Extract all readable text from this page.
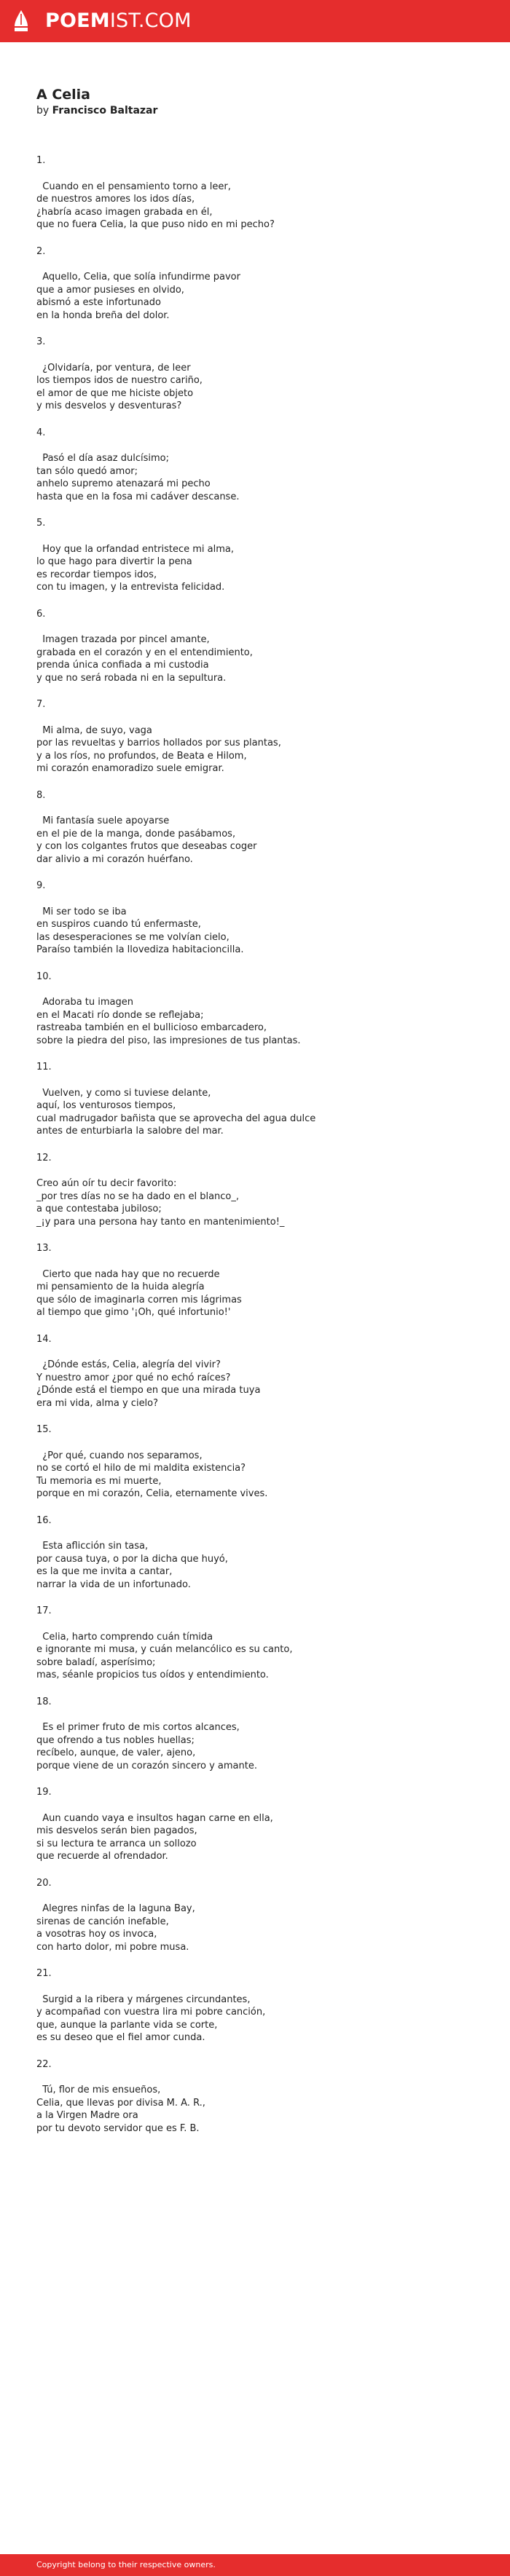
POEMIST.COM
A Celia
by Francisco Baltazar
1.
Cuando en el pensamiento torno a leer,
de nuestros amores los idos días,
¿habría acaso imagen grabada en él,
que no fuera Celia, la que puso nido en mi pecho?
2.
Aquello, Celia, que solía infundirme pavor
que a amor pusieses en olvido,
abismó a este infortunado
en la honda breña del dolor.
3.
¿Olvidaría, por ventura, de leer
los tiempos idos de nuestro cariño,
el amor de que me hiciste objeto
y mis desvelos y desventuras?
4.
Pasó el día asaz dulcísimo;
tan sólo quedó amor;
anhelo supremo atenazará mi pecho
hasta que en la fosa mi cadáver descanse.
5.
Hoy que la orfandad entristece mi alma,
lo que hago para divertir la pena
es recordar tiempos idos,
con tu imagen, y la entrevista felicidad.
6.
Imagen trazada por pincel amante,
grabada en el corazón y en el entendimiento,
prenda única confiada a mi custodia
y que no será robada ni en la sepultura.
7.
Mi alma, de suyo, vaga
por las revueltas y barrios hollados por sus plantas,
y a los ríos, no profundos, de Beata e Hilom,
mi corazón enamoradizo suele emigrar.
8.
Mi fantasía suele apoyarse
en el pie de la manga, donde pasábamos,
y con los colgantes frutos que deseabas coger
dar alivio a mi corazón huérfano.
9.
Mi ser todo se iba
en suspiros cuando tú enfermaste,
las desesperaciones se me volvían cielo,
Paraíso también la llovediza habitacioncilla.
10.
Adoraba tu imagen
en el Macati río donde se reflejaba;
rastreaba también en el bullicioso embarcadero,
sobre la piedra del piso, las impresiones de tus plantas.
11.
Vuelven, y como si tuviese delante,
aquí, los venturosos tiempos,
cual madrugador bañista que se aprovecha del agua dulce
antes de enturbiarla la salobre del mar.
12.
Creo aún oír tu decir favorito:
_por tres días no se ha dado en el blanco_,
a que contestaba jubiloso;
_¡y para una persona hay tanto en mantenimiento!_
13.
Cierto que nada hay que no recuerde
mi pensamiento de la huida alegría
que sólo de imaginarla corren mis lágrimas
al tiempo que gimo '¡Oh, qué infortunio!'
14.
¿Dónde estás, Celia, alegría del vivir?
Y nuestro amor ¿por qué no echó raíces?
¿Dónde está el tiempo en que una mirada tuya
era mi vida, alma y cielo?
15.
¿Por qué, cuando nos separamos,
no se cortó el hilo de mi maldita existencia?
Tu memoria es mi muerte,
porque en mi corazón, Celia, eternamente vives.
16.
Esta aflicción sin tasa,
por causa tuya, o por la dicha que huyó,
es la que me invita a cantar,
narrar la vida de un infortunado.
17.
Celia, harto comprendo cuán tímida
e ignorante mi musa, y cuán melancólico es su canto,
sobre baladí, asperísimo;
mas, séanle propicios tus oídos y entendimiento.
18.
Es el primer fruto de mis cortos alcances,
que ofrendo a tus nobles huellas;
recíbelo, aunque, de valer, ajeno,
porque viene de un corazón sincero y amante.
19.
Aun cuando vaya e insultos hagan carne en ella,
mis desvelos serán bien pagados,
si su lectura te arranca un sollozo
que recuerde al ofrendador.
20.
Alegres ninfas de la laguna Bay,
sirenas de canción inefable,
a vosotras hoy os invoca,
con harto dolor, mi pobre musa.
21.
Surgid a la ribera y márgenes circundantes,
y acompañad con vuestra lira mi pobre canción,
que, aunque la parlante vida se corte,
es su deseo que el fiel amor cunda.
22.
Tú, flor de mis ensueños,
Celia, que llevas por divisa M. A. R.,
a la Virgen Madre ora
por tu devoto servidor que es F. B.
Copyright belong to their respective owners.
